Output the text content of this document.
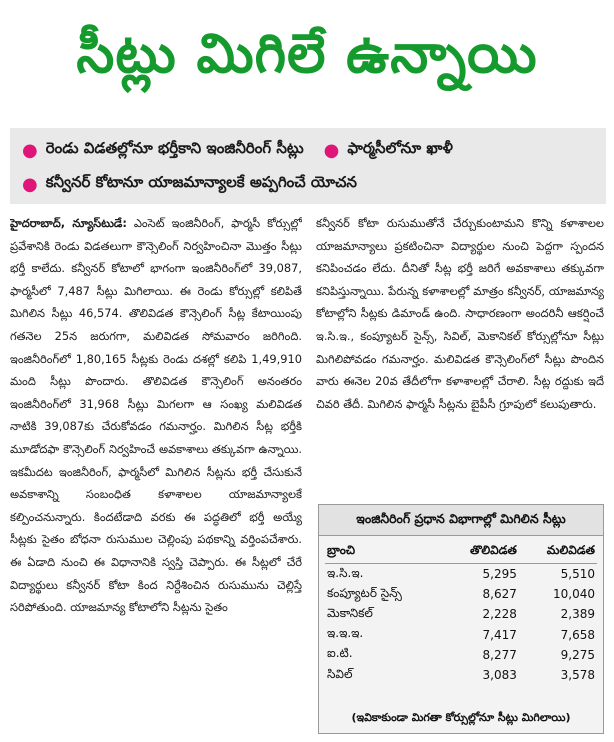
సీట్లు మిగిలే ఉన్నాయి
● రెండు విడతల్లోనూ భర్తీకాని ఇంజినీరింగ్ సీట్లు ● ఫార్మసీలోనూ ఖాళీ
● కన్వీనర్ కోటానూ యాజమాన్యాలకే అప్పగించే యోచన

హైదరాబాద్, న్యూస్‌టుడే: ఎంసెట్ ఇంజినీరింగ్, ఫార్మసీ కోర్సుల్లో ప్రవేశానికి రెండు విడతలుగా కౌన్సెలింగ్ నిర్వహించినా మొత్తం సీట్లు భర్తీ కాలేదు. కన్వీనర్ కోటాలో భాగంగా ఇంజినీరింగ్‌లో 39,087, ఫార్మసీలో 7,487 సీట్లు మిగిలాయి. ఈ రెండు కోర్సుల్లో కలిపితే మిగిలిన సీట్లు 46,574. తొలివిడత కౌన్సెలింగ్ సీట్ల కేటాయింపు గతనెల 25న జరుగగా, మలివిడత సోమవారం జరిగింది. ఇంజినీరింగ్‌లో 1,80,165 సీట్లకు రెండు దశల్లో కలిపి 1,49,910 మంది సీట్లు పొందారు. తొలివిడత కౌన్సెలింగ్ అనంతరం ఇంజినీరింగ్‌లో 31,968 సీట్లు మిగలగా ఆ సంఖ్య మలివిడత నాటికి 39,087కు చేరుకోవడం గమనార్హం. మిగిలిన సీట్ల భర్తీకి మూడోదఫా కౌన్సెలింగ్ నిర్వహించే అవకాశాలు తక్కువగా ఉన్నాయి. ఇకమీదట ఇంజినీరింగ్, ఫార్మసీలో మిగిలిన సీట్లను భర్తీ చేసుకునే అవకాశాన్ని సంబంధిత కళాశాలల యాజమాన్యాలకే కల్పించనున్నారు. కిందటేడాది వరకు ఈ పద్ధతిలో భర్తీ అయ్యే సీట్లకు సైతం బోధనా రుసుముల చెల్లింపు పథకాన్ని వర్తింపచేశారు. ఈ ఏడాది నుంచి ఈ విధానానికి స్వస్తి చెప్పారు. ఈ సీట్లలో చేరే విద్యార్థులు కన్వీనర్ కోటా కింద నిర్దేశించిన రుసుమును చెల్లిస్తే సరిపోతుంది. యాజమాన్య కోటాలోని సీట్లను సైతం

కన్వీనర్ కోటా రుసుముతోనే చేర్చుకుంటామని కొన్ని కళాశాలల యాజమాన్యాలు ప్రకటించినా విద్యార్థుల నుంచి పెద్దగా స్పందన కనిపించడం లేదు. దీనితో సీట్ల భర్తీ జరిగే అవకాశాలు తక్కువగా కనిపిస్తున్నాయి. పేరున్న కళాశాలల్లో మాత్రం కన్వీనర్, యాజమాన్య కోటాల్లోని సీట్లకు డిమాండ్ ఉంది. సాధారణంగా అందరినీ ఆకర్షించే ఇ.సి.ఇ., కంప్యూటర్ సైన్స్, సివిల్, మెకానికల్ కోర్సుల్లోనూ సీట్లు మిగిలిపోవడం గమనార్హం. మలివిడత కౌన్సెలింగ్‌లో సీట్లు పొందిన వారు ఈనెల 20వ తేదీలోగా కళాశాలల్లో చేరాలి. సీట్ల రద్దుకు ఇదే చివరి తేదీ. మిగిలిన ఫార్మసీ సీట్లను బైపీసీ గ్రూపులో కలుపుతారు.

ఇంజినీరింగ్ ప్రధాన విభాగాల్లో మిగిలిన సీట్లు
బ్రాంచి	తొలివిడత	మలివిడత
ఇ.సి.ఇ.	5,295	5,510
కంప్యూటర్ సైన్స్	8,627	10,040
మెకానికల్	2,228	2,389
ఇ.ఇ.ఇ.	7,417	7,658
ఐ.టి.	8,277	9,275
సివిల్	3,083	3,578
(ఇవికాకుండా మిగతా కోర్సుల్లోనూ సీట్లు మిగిలాయి)
